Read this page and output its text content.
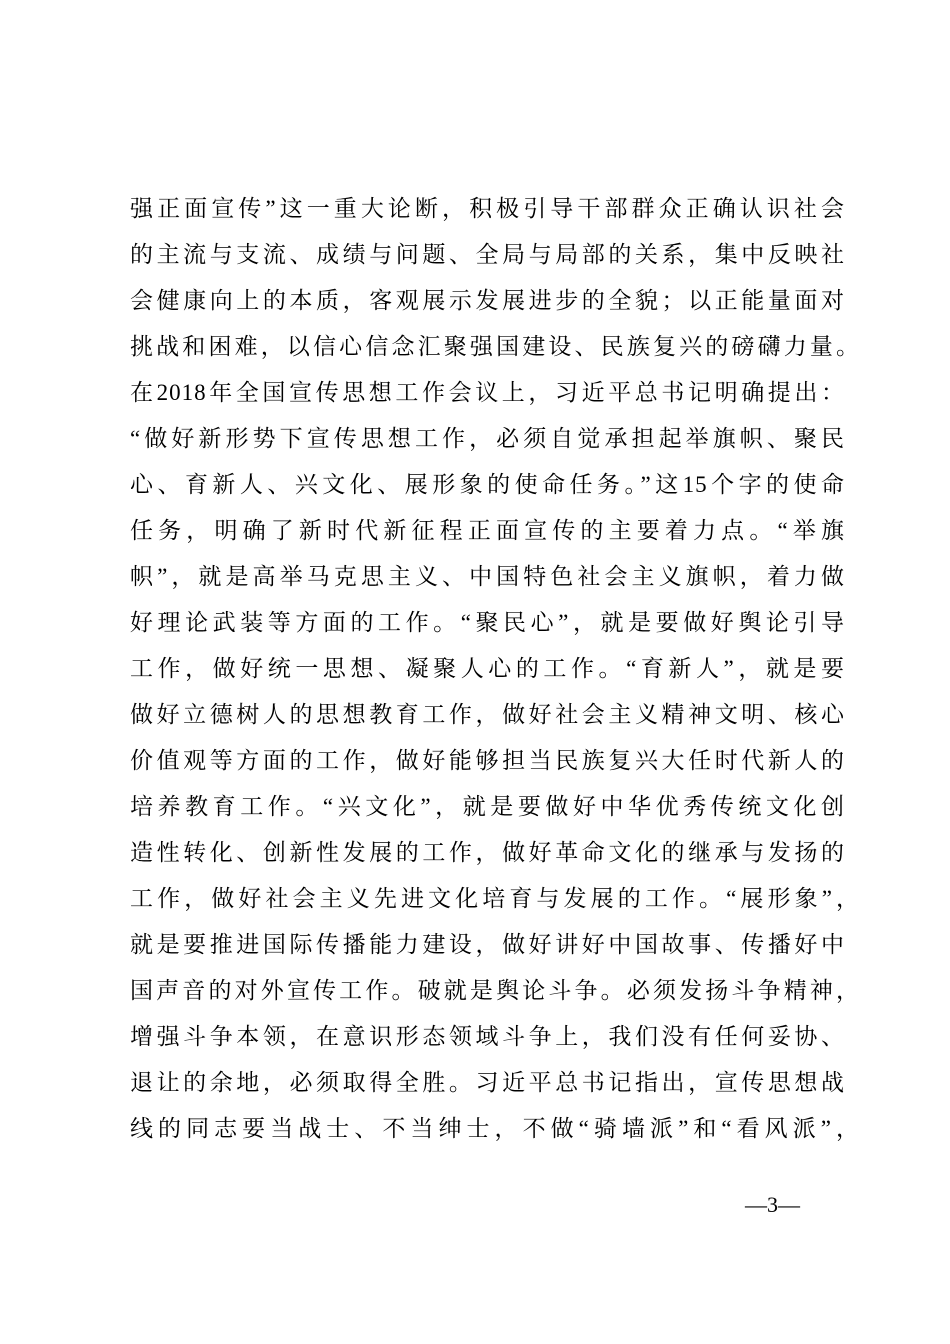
强正面宣传”这一重大论断，积极引导干部群众正确认识社会
的主流与支流、成绩与问题、全局与局部的关系，集中反映社
会健康向上的本质，客观展示发展进步的全貌；以正能量面对
挑战和困难，以信心信念汇聚强国建设、民族复兴的磅礴力量。
在2018年全国宣传思想工作会议上，习近平总书记明确提出：
“做好新形势下宣传思想工作，必须自觉承担起举旗帜、聚民
心、育新人、兴文化、展形象的使命任务。”这15个字的使命
任务，明确了新时代新征程正面宣传的主要着力点。“举旗
帜”，就是高举马克思主义、中国特色社会主义旗帜，着力做
好理论武装等方面的工作。“聚民心”，就是要做好舆论引导
工作，做好统一思想、凝聚人心的工作。“育新人”，就是要
做好立德树人的思想教育工作，做好社会主义精神文明、核心
价值观等方面的工作，做好能够担当民族复兴大任时代新人的
培养教育工作。“兴文化”，就是要做好中华优秀传统文化创
造性转化、创新性发展的工作，做好革命文化的继承与发扬的
工作，做好社会主义先进文化培育与发展的工作。“展形象”，
就是要推进国际传播能力建设，做好讲好中国故事、传播好中
国声音的对外宣传工作。破就是舆论斗争。必须发扬斗争精神，
增强斗争本领，在意识形态领域斗争上，我们没有任何妥协、
退让的余地，必须取得全胜。习近平总书记指出，宣传思想战
线的同志要当战士、不当绅士，不做“骑墙派”和“看风派”，
—3—
